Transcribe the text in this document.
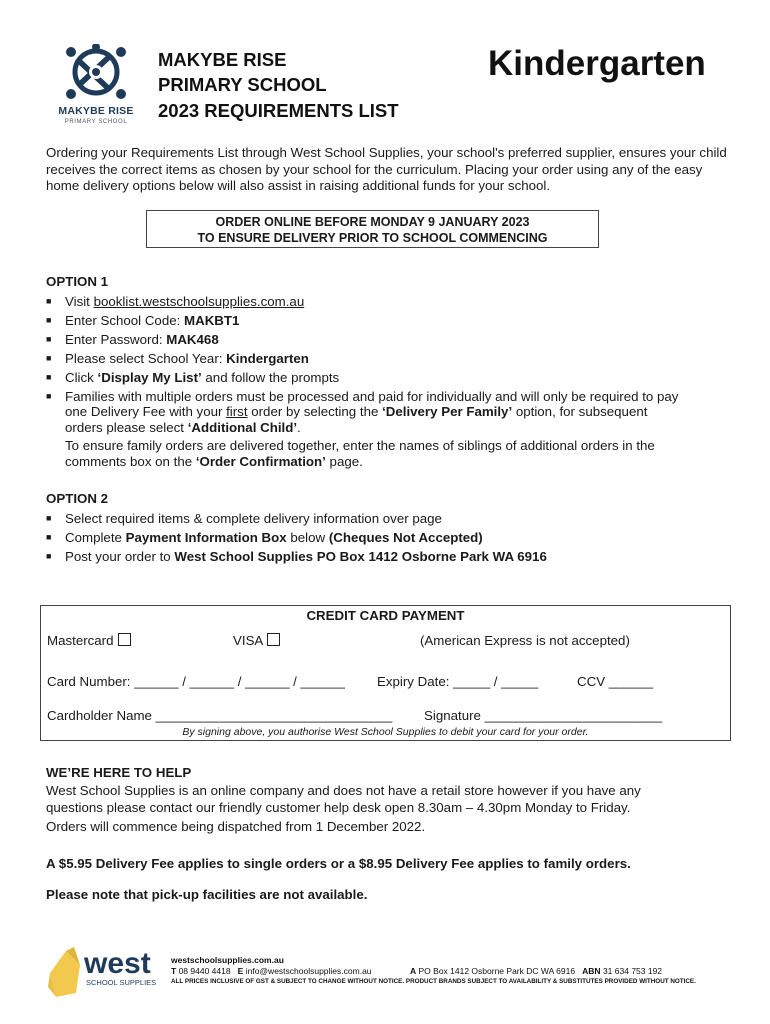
MAKYBE RISE
PRIMARY SCHOOL
MAKYBE RISE
PRIMARY SCHOOL
2023 REQUIREMENTS LIST
Kindergarten
Ordering your Requirements List through West School Supplies, your school's preferred supplier, ensures your child receives the correct items as chosen by your school for the curriculum. Placing your order using any of the easy home delivery options below will also assist in raising additional funds for your school.
ORDER ONLINE BEFORE MONDAY 9 JANUARY 2023
TO ENSURE DELIVERY PRIOR TO SCHOOL COMMENCING
OPTION 1
■ Visit booklist.westschoolsupplies.com.au
■ Enter School Code: MAKBT1
■ Enter Password: MAK468
■ Please select School Year: Kindergarten
■ Click ‘Display My List’ and follow the prompts
■ Families with multiple orders must be processed and paid for individually and will only be required to pay
one Delivery Fee with your first order by selecting the ‘Delivery Per Family’ option, for subsequent
orders please select ‘Additional Child’.
To ensure family orders are delivered together, enter the names of siblings of additional orders in the
comments box on the ‘Order Confirmation’ page.
OPTION 2
■ Select required items & complete delivery information over page
■ Complete Payment Information Box below (Cheques Not Accepted)
■ Post your order to West School Supplies PO Box 1412 Osborne Park WA 6916
CREDIT CARD PAYMENT
Mastercard	VISA	(American Express is not accepted)
Card Number: ______ / ______ / ______ / ______ Expiry Date: _____ / _____	CCV ______
Cardholder Name ________________________________ Signature ________________________
By signing above, you authorise West School Supplies to debit your card for your order.
WE’RE HERE TO HELP
West School Supplies is an online company and does not have a retail store however if you have any
questions please contact our friendly customer help desk open 8.30am – 4.30pm Monday to Friday.
Orders will commence being dispatched from 1 December 2022.
A $5.95 Delivery Fee applies to single orders or a $8.95 Delivery Fee applies to family orders.
Please note that pick-up facilities are not available.
west
SCHOOL SUPPLIES
westschoolsupplies.com.au
T 08 9440 4418 E info@westschoolsupplies.com.au	A PO Box 1412 Osborne Park DC WA 6916 ABN 31 634 753 192
ALL PRICES INCLUSIVE OF GST & SUBJECT TO CHANGE WITHOUT NOTICE. PRODUCT BRANDS SUBJECT TO AVAILABILITY & SUBSTITUTES PROVIDED WITHOUT NOTICE.
